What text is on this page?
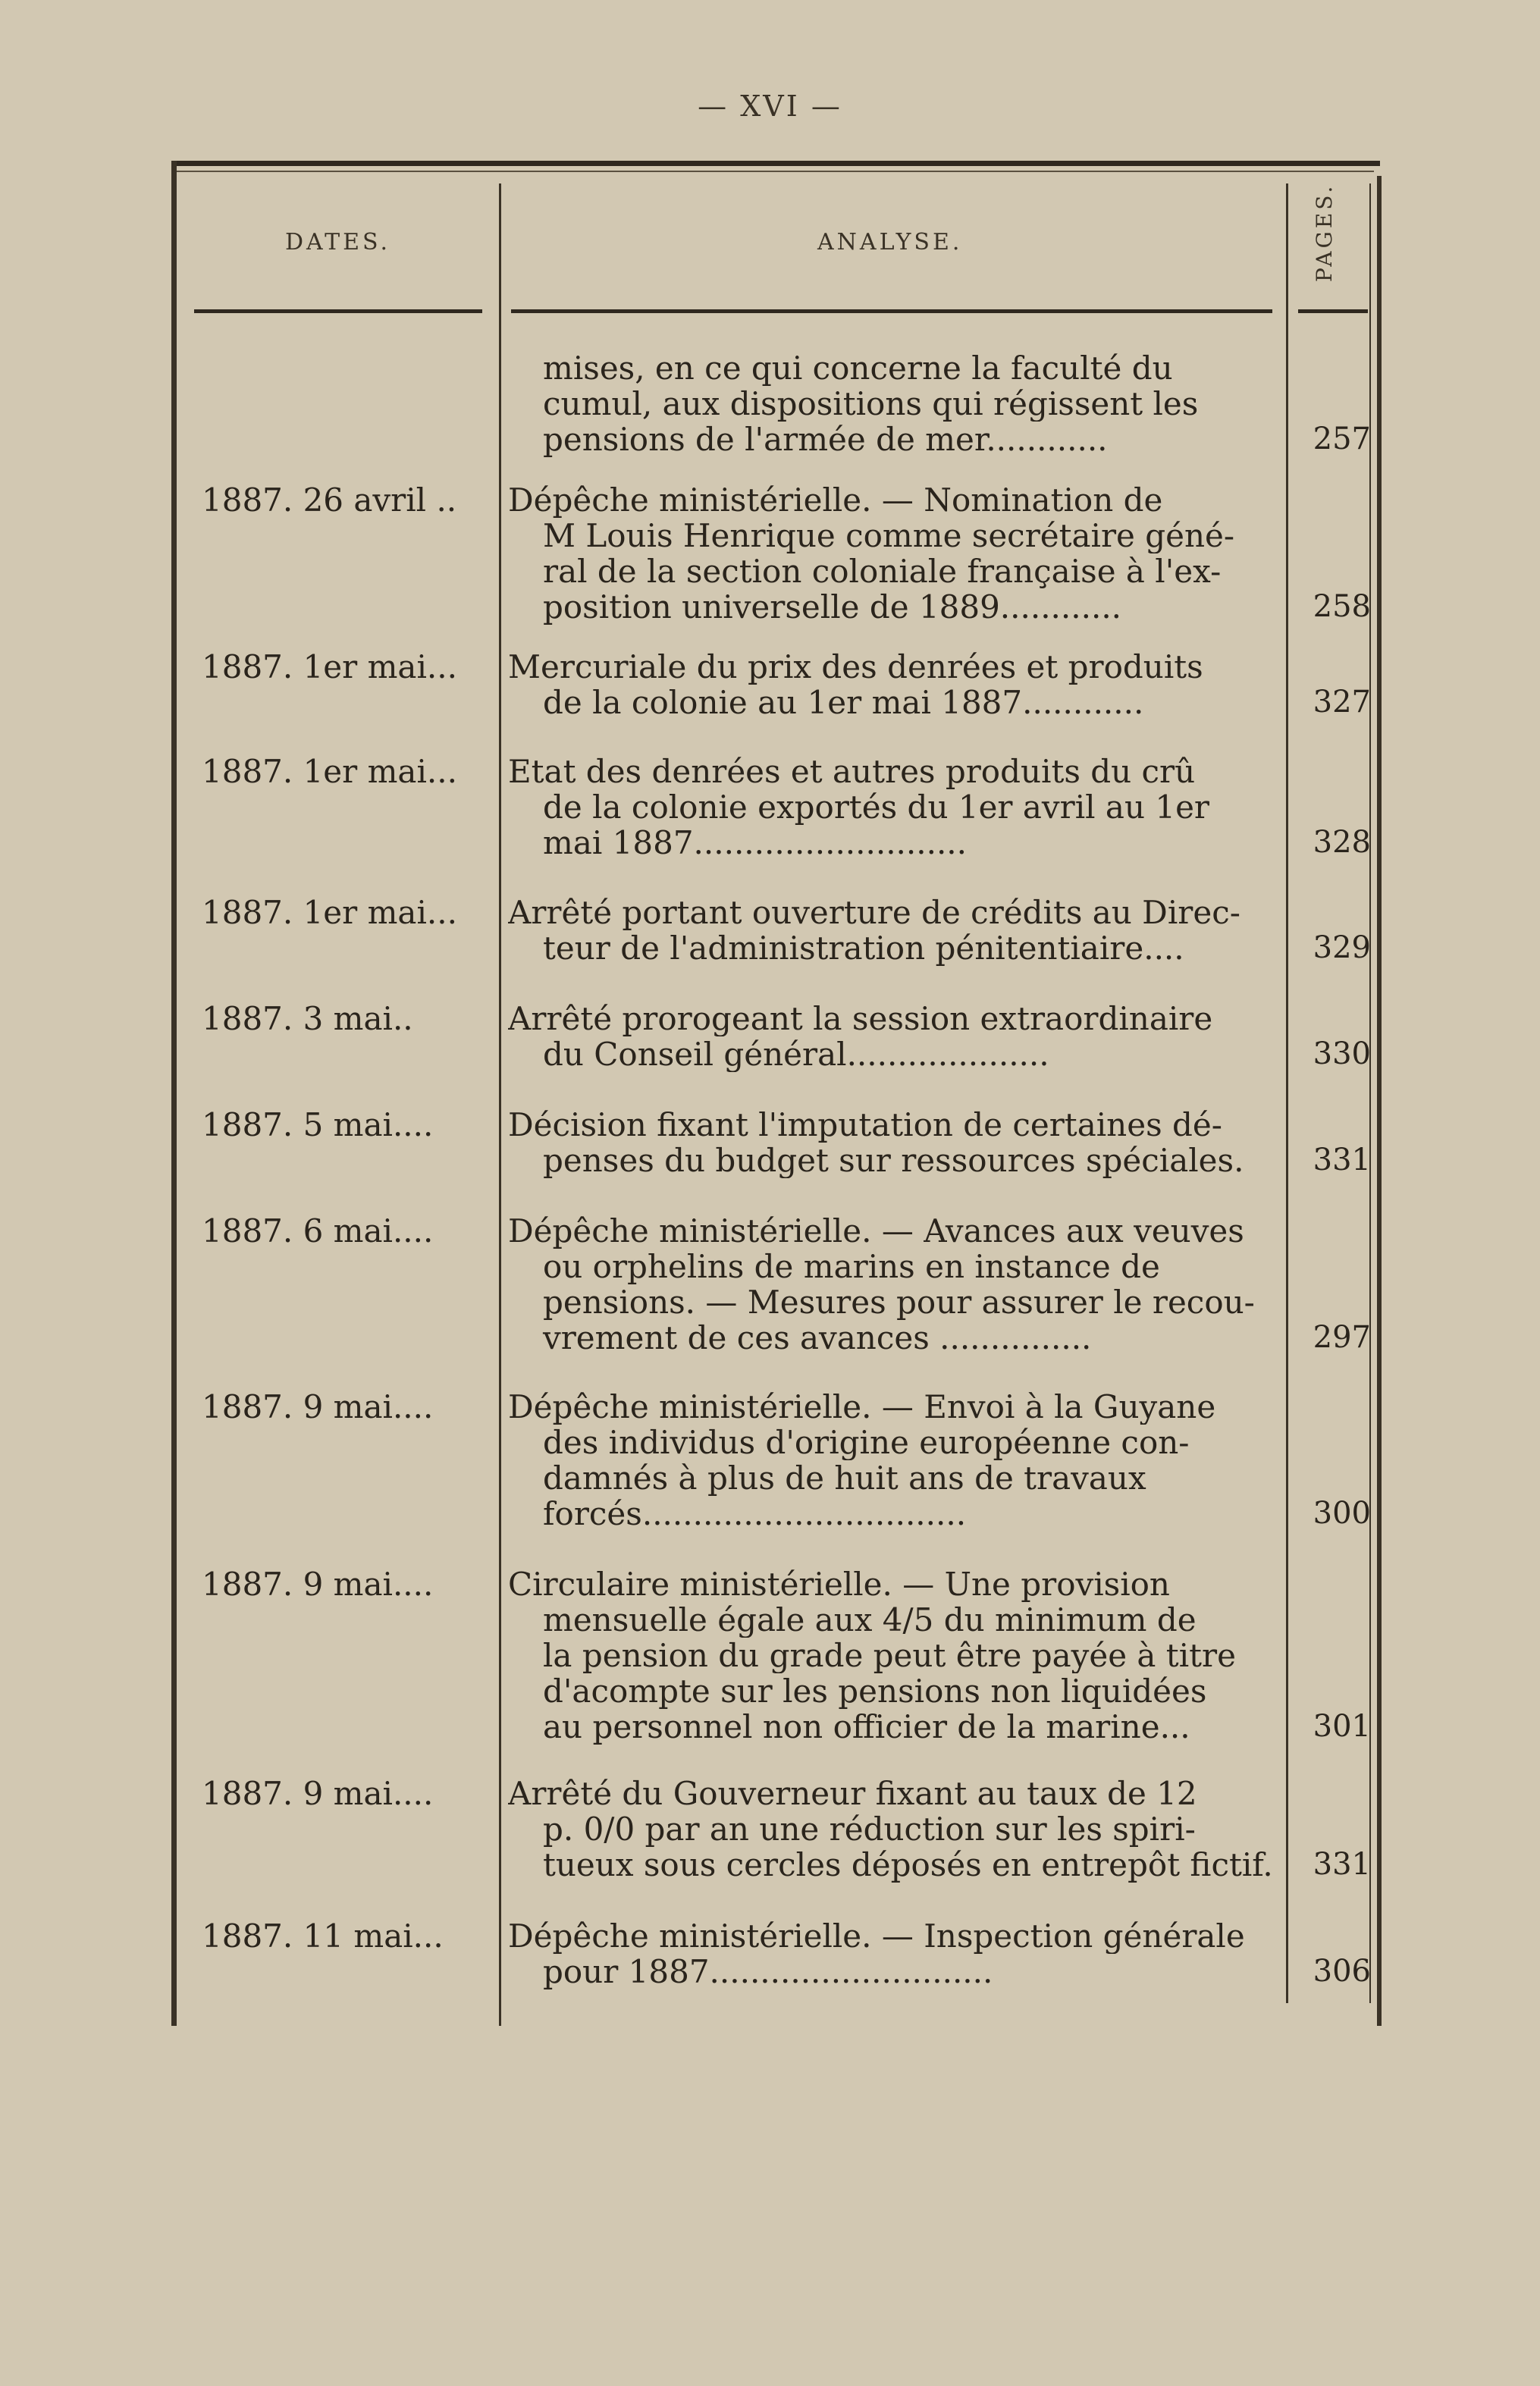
— XVI —
DATES.	ANALYSE.	PAGES.
mises, en ce qui concerne la faculté du
cumul, aux dispositions qui régissent les
pensions de l'armée de mer............	257
1887. 26 avril ..	Dépêche ministérielle. — Nomination de
M Louis Henrique comme secrétaire géné-
ral de la section coloniale française à l'ex-
position universelle de 1889............	258
1887. 1er mai...	Mercuriale du prix des denrées et produits
de la colonie au 1er mai 1887............	327
1887. 1er mai...	Etat des denrées et autres produits du crû
de la colonie exportés du 1er avril au 1er
mai 1887...........................	328
1887. 1er mai...	Arrêté portant ouverture de crédits au Direc-
teur de l'administration pénitentiaire....	329
1887. 3 mai..	Arrêté prorogeant la session extraordinaire
du Conseil général....................	330
1887. 5 mai....	Décision fixant l'imputation de certaines dé-
penses du budget sur ressources spéciales.	331
1887. 6 mai....	Dépêche ministérielle. — Avances aux veuves
ou orphelins de marins en instance de
pensions. — Mesures pour assurer le recou-
vrement de ces avances ...............	297
1887. 9 mai....	Dépêche ministérielle. — Envoi à la Guyane
des individus d'origine européenne con-
damnés à plus de huit ans de travaux
forcés................................	300
1887. 9 mai....	Circulaire ministérielle. — Une provision
mensuelle égale aux 4/5 du minimum de
la pension du grade peut être payée à titre
d'acompte sur les pensions non liquidées
au personnel non officier de la marine...	301
1887. 9 mai....	Arrêté du Gouverneur fixant au taux de 12
p. 0/0 par an une réduction sur les spiri-
tueux sous cercles déposés en entrepôt fictif.	331
1887. 11 mai...	Dépêche ministérielle. — Inspection générale
pour 1887............................	306
